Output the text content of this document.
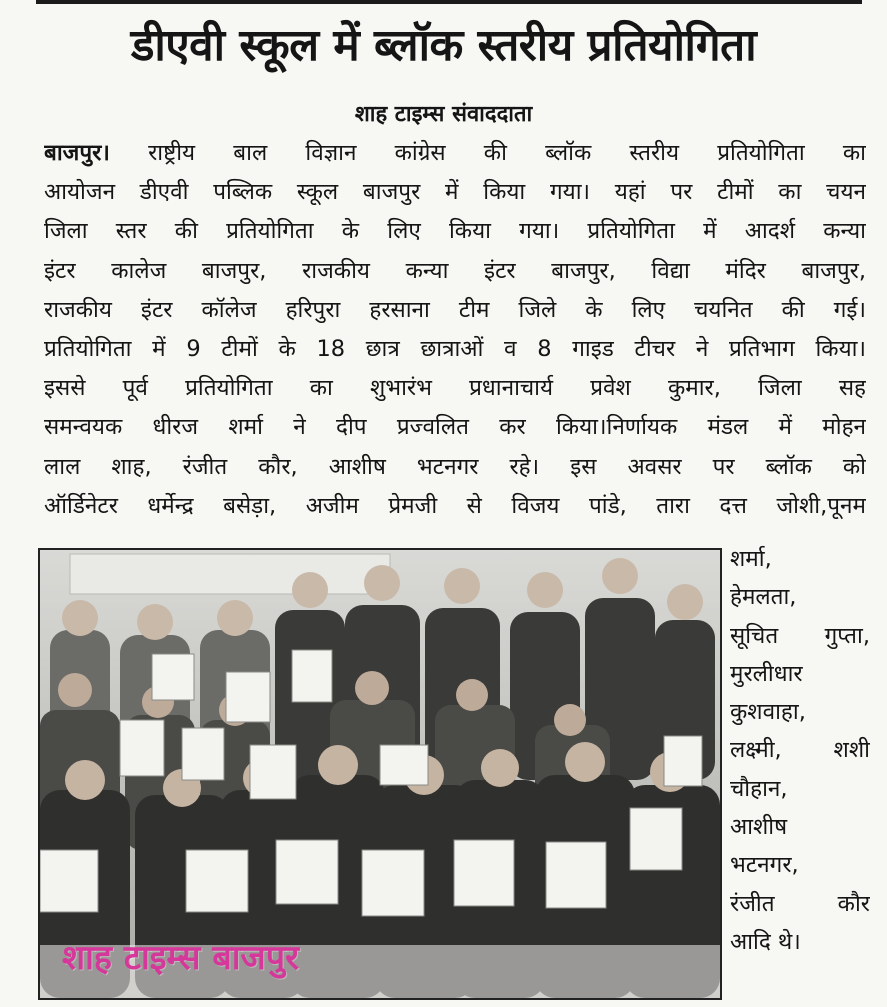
डीएवी स्कूल में ब्लॉक स्तरीय प्रतियोगिता
शाह टाइम्स संवाददाता
बाजपुर। राष्ट्रीय बाल विज्ञान कांग्रेस की ब्लॉक स्तरीय प्रतियोगिता का
आयोजन डीएवी पब्लिक स्कूल बाजपुर में किया गया। यहां पर टीमों का चयन
जिला स्तर की प्रतियोगिता के लिए किया गया। प्रतियोगिता में आदर्श कन्या
इंटर कालेज बाजपुर, राजकीय कन्या इंटर बाजपुर, विद्या मंदिर बाजपुर,
राजकीय इंटर कॉलेज हरिपुरा हरसाना टीम जिले के लिए चयनित की गई।
प्रतियोगिता में 9 टीमों के 18 छात्र छात्राओं व 8 गाइड टीचर ने प्रतिभाग किया।
इससे पूर्व प्रतियोगिता का शुभारंभ प्रधानाचार्य प्रवेश कुमार, जिला सह
समन्वयक धीरज शर्मा ने दीप प्रज्वलित कर किया।निर्णायक मंडल में मोहन
लाल शाह, रंजीत कौर, आशीष भटनगर रहे। इस अवसर पर ब्लॉक को
ऑर्डिनेटर धर्मेन्द्र बसेड़ा, अजीम प्रेमजी से विजय पांडे, तारा दत्त जोशी,पूनम
शाह टाइम्स बाजपुर
शर्मा,
हेमलता,
सूचित गुप्ता,
मुरलीधार
कुशवाहा,
लक्ष्मी, शशी
चौहान,
आशीष
भटनगर,
रंजीत कौर
आदि थे।
